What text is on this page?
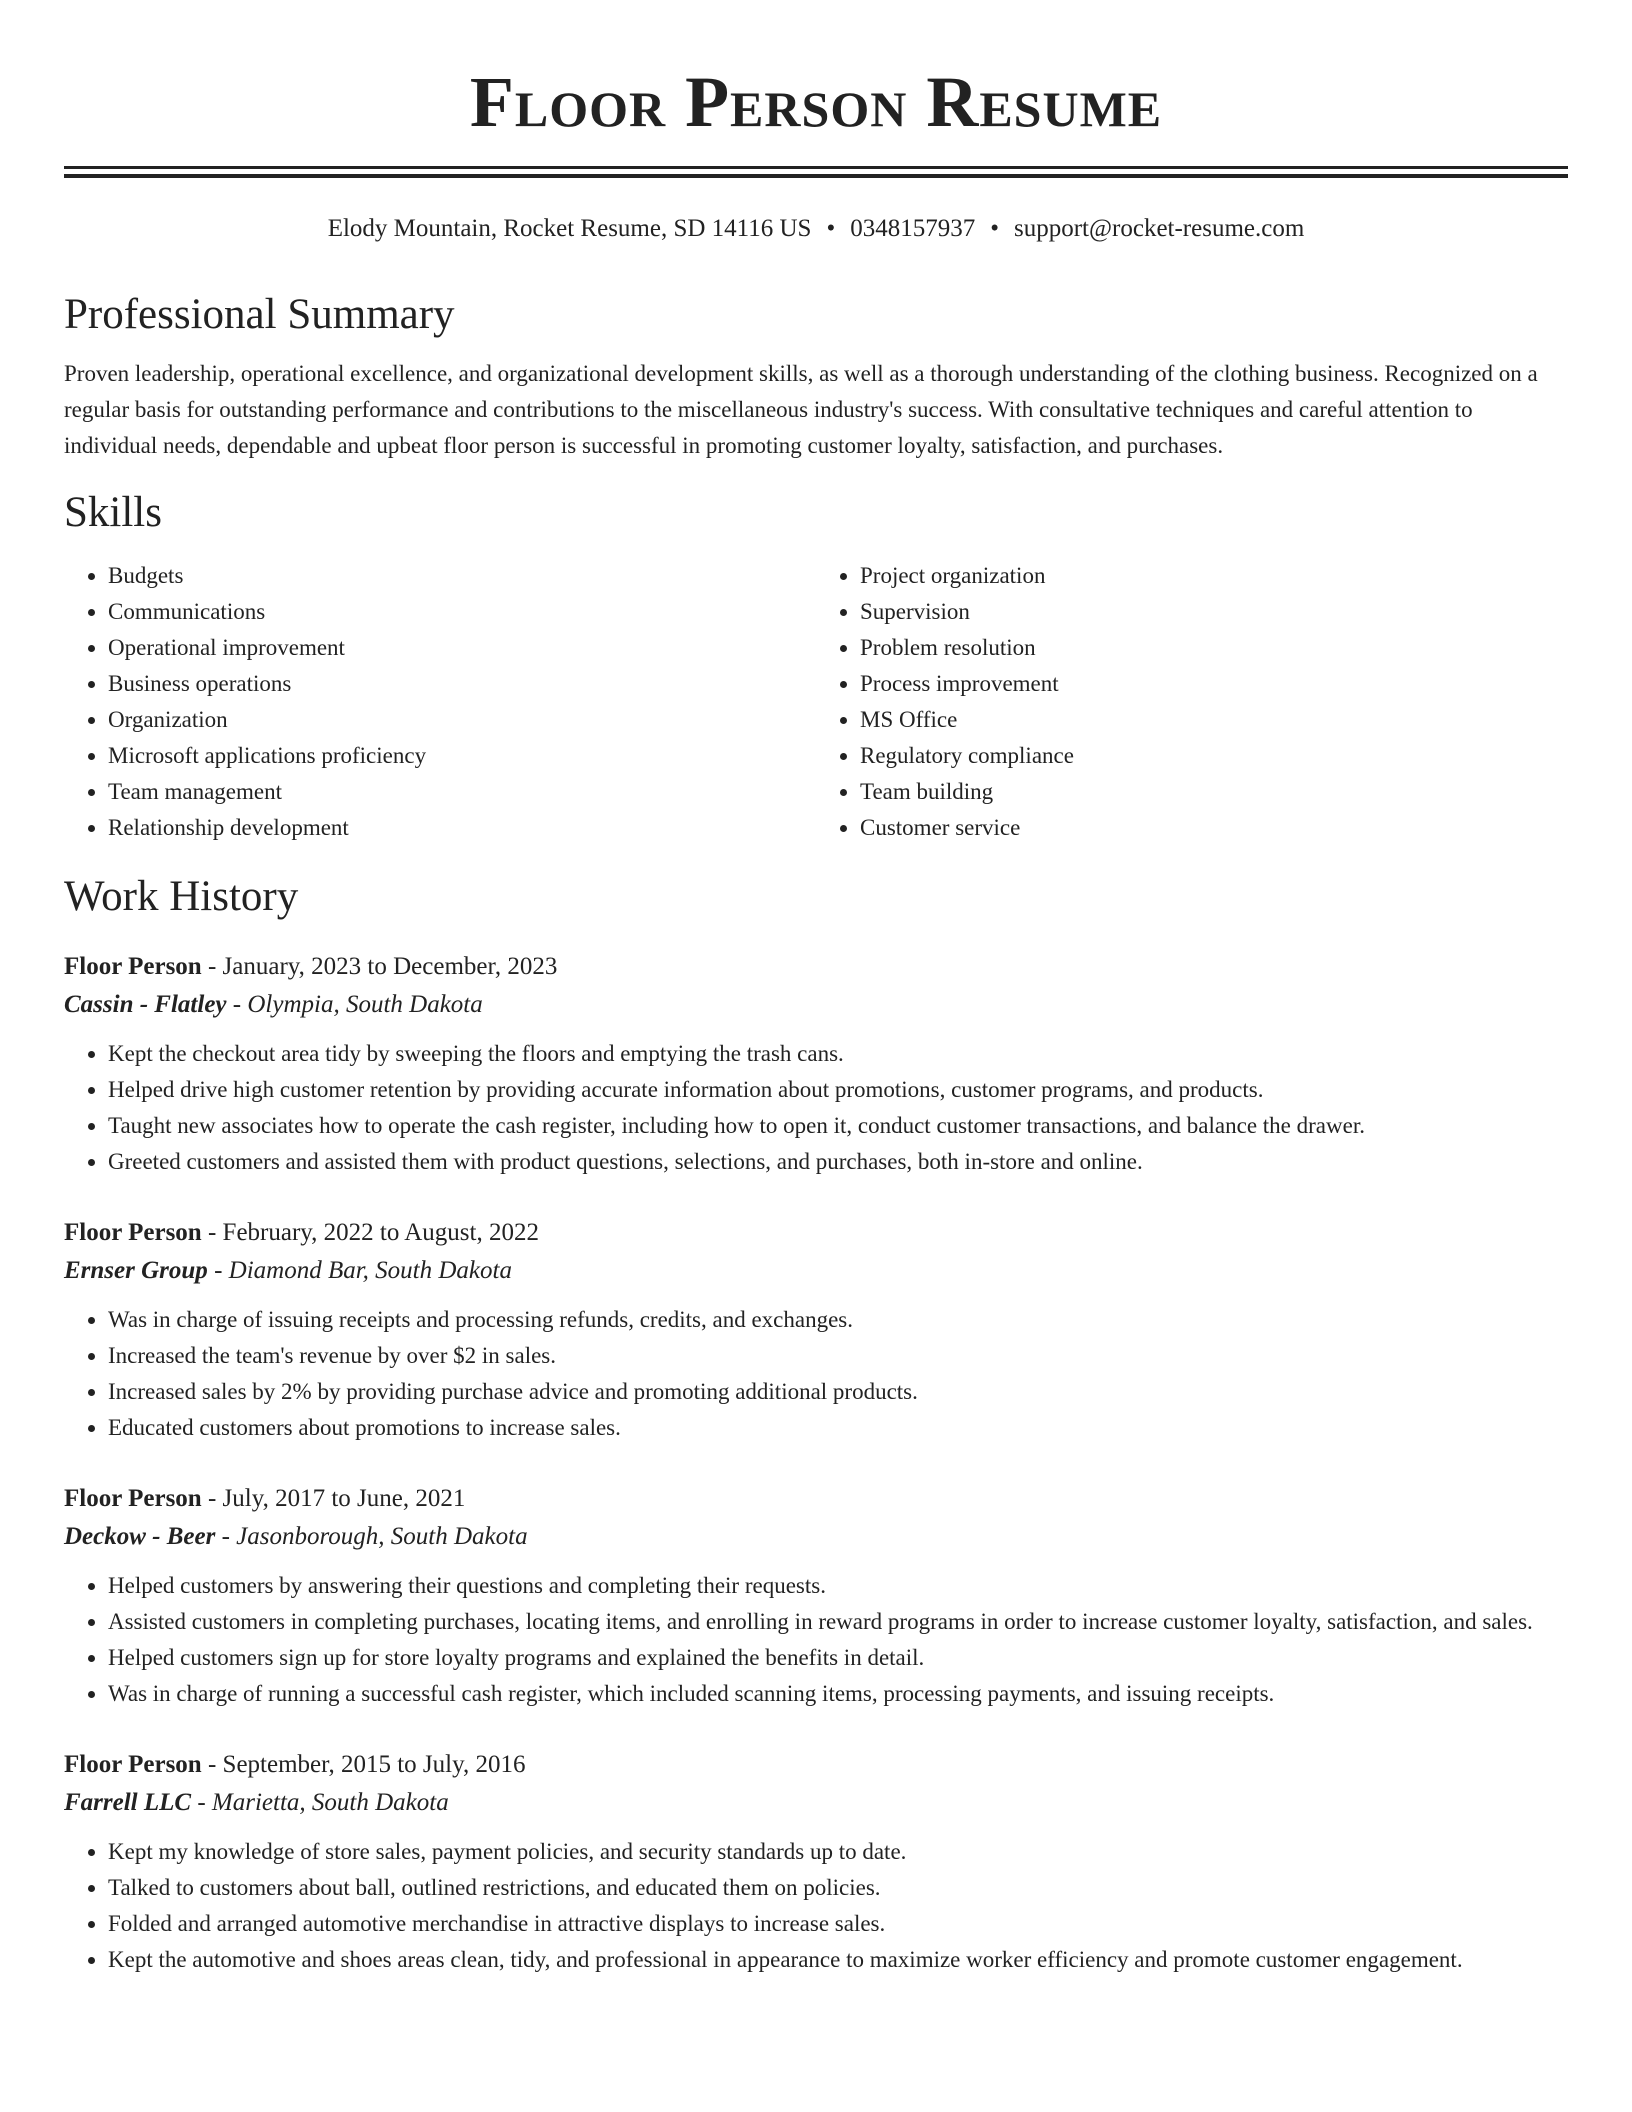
Floor Person Resume
Elody Mountain, Rocket Resume, SD 14116 US • 0348157937 • support@rocket-resume.com
Professional Summary

Proven leadership, operational excellence, and organizational development skills, as well as a thorough understanding of the clothing business. Recognized on a regular basis for outstanding performance and contributions to the miscellaneous industry's success. With consultative techniques and careful attention to individual needs, dependable and upbeat floor person is successful in promoting customer loyalty, satisfaction, and purchases.

Skills
• Budgets
• Communications
• Operational improvement
• Business operations
• Organization
• Microsoft applications proficiency
• Team management
• Relationship development
• Project organization
• Supervision
• Problem resolution
• Process improvement
• MS Office
• Regulatory compliance
• Team building
• Customer service
Work History
Floor Person - January, 2023 to December, 2023
Cassin - Flatley - Olympia, South Dakota
• Kept the checkout area tidy by sweeping the floors and emptying the trash cans.
• Helped drive high customer retention by providing accurate information about promotions, customer programs, and products.
• Taught new associates how to operate the cash register, including how to open it, conduct customer transactions, and balance the drawer.
• Greeted customers and assisted them with product questions, selections, and purchases, both in-store and online.
Floor Person - February, 2022 to August, 2022
Ernser Group - Diamond Bar, South Dakota
• Was in charge of issuing receipts and processing refunds, credits, and exchanges.
• Increased the team's revenue by over $2 in sales.
• Increased sales by 2% by providing purchase advice and promoting additional products.
• Educated customers about promotions to increase sales.
Floor Person - July, 2017 to June, 2021
Deckow - Beer - Jasonborough, South Dakota
• Helped customers by answering their questions and completing their requests.
• Assisted customers in completing purchases, locating items, and enrolling in reward programs in order to increase customer loyalty, satisfaction, and sales.
• Helped customers sign up for store loyalty programs and explained the benefits in detail.
• Was in charge of running a successful cash register, which included scanning items, processing payments, and issuing receipts.
Floor Person - September, 2015 to July, 2016
Farrell LLC - Marietta, South Dakota
• Kept my knowledge of store sales, payment policies, and security standards up to date.
• Talked to customers about ball, outlined restrictions, and educated them on policies.
• Folded and arranged automotive merchandise in attractive displays to increase sales.
• Kept the automotive and shoes areas clean, tidy, and professional in appearance to maximize worker efficiency and promote customer engagement.
